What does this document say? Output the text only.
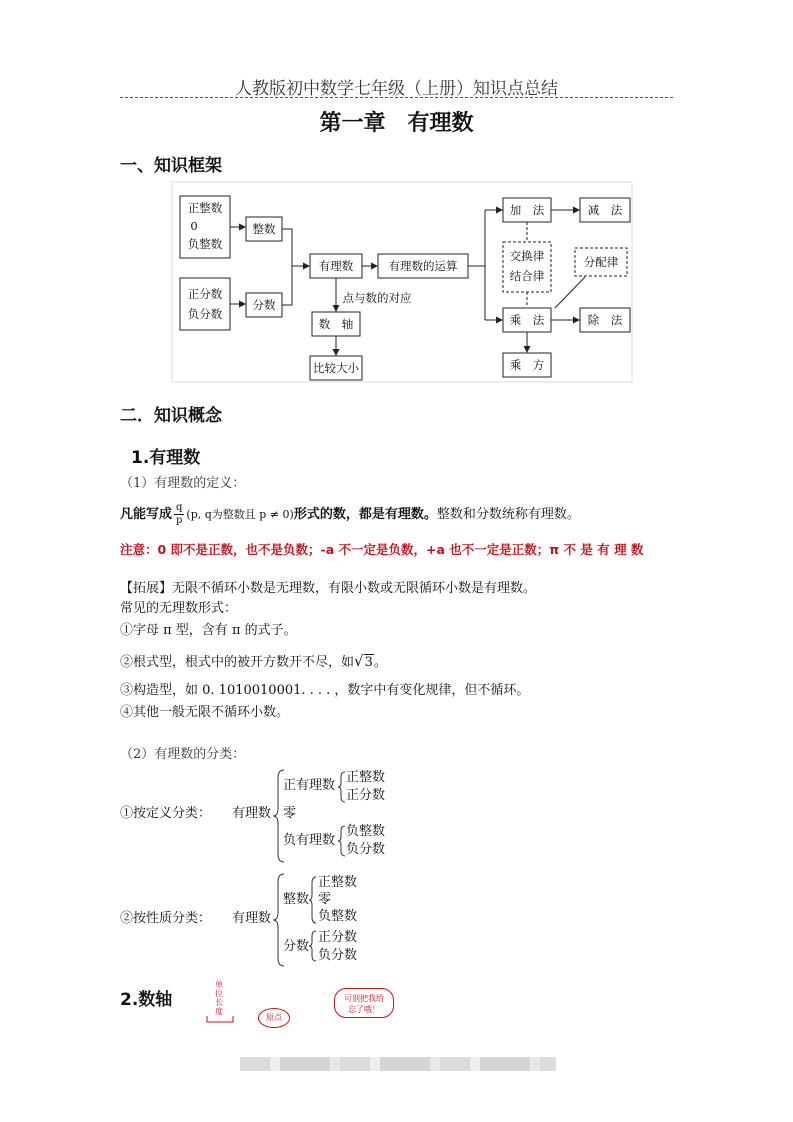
人教版初中数学七年级（上册）知识点总结
第一章　有理数
一、知识框架
正整数
0
负整数
正分数
负分数
整数
分数
有理数	有理数的运算
点与数的对应
数　轴
比较大小
加　法	减　法
交换律
结合律
分配律
乘　法	除　法
乘　方
二．知识概念
1.有理数
（1）有理数的定义：
凡能写成 $\frac{q}{p} (p$, q为整数且 p ≠ 0)形式的数，都是有理数。整数和分数统称有理数。
注意：0 即不是正数，也不是负数；-a 不一定是负数，+a 也不一定是正数；π 不 是 有 理 数
【拓展】无限不循环小数是无理数，有限小数或无限循环小数是有理数。
常见的无理数形式：
①字母 π 型，含有 π 的式子。
②根式型，根式中的被开方数开不尽，如√3。
③构造型，如 0. 1010010001. . . . ，数字中有变化规律，但不循环。
④其他一般无限不循环小数。
（2）有理数的分类：
①按定义分类： 有理数
正有理数
正整数
正分数
零
负有理数
负整数
负分数
②按性质分类： 有理数
整数
正整数
零
负整数
分数
正分数
负分数
2.数轴
单位长度
原点
可别把我给
忘了哦！
